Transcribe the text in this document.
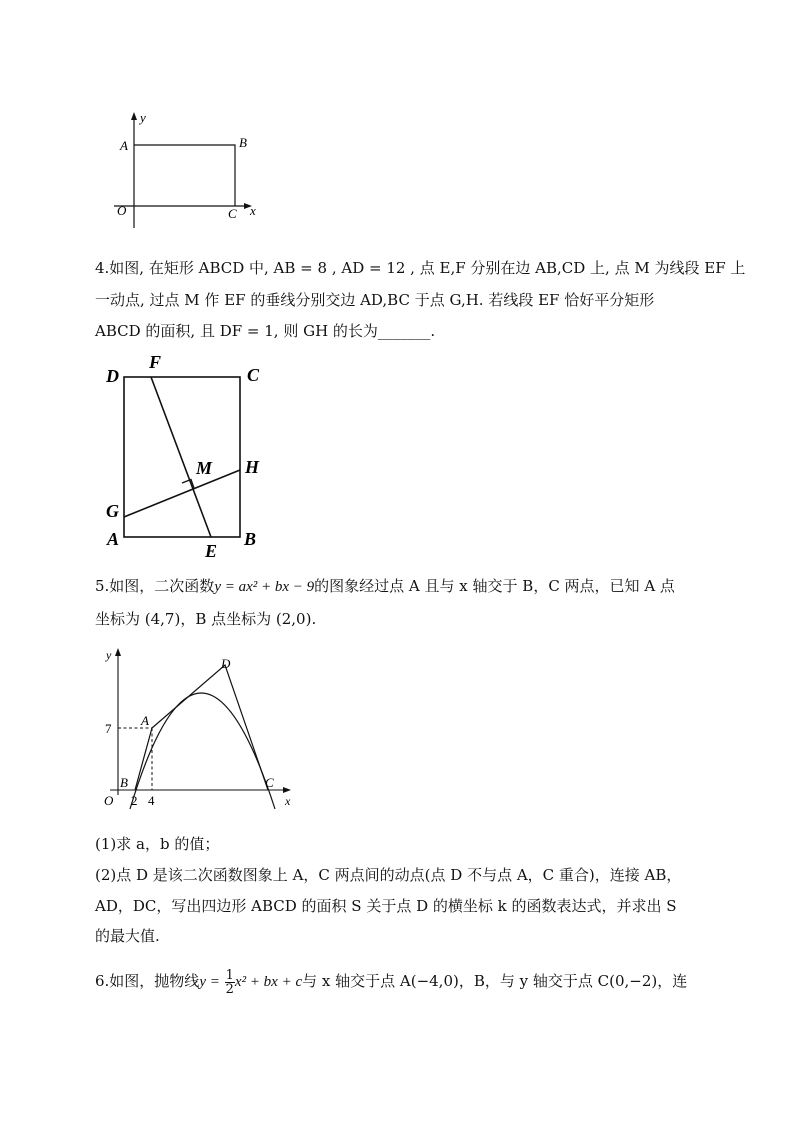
y
A	B
O	C x
4.如图, 在矩形 ABCD 中, AB = 8 , AD = 12 , 点 E,F 分别在边 AB,CD 上, 点 M 为线段 EF 上
一动点, 过点 M 作 EF 的垂线分别交边 AD,BC 于点 G,H. 若线段 EF 恰好平分矩形
ABCD 的面积, 且 DF = 1, 则 GH 的长为_______.
D
F
C
M H
G
A
E
B
5.如图，二次函数y = ax² + bx − 9的图象经过点 A 且与 x 轴交于 B，C 两点，已知 A 点
坐标为 (4,7)，B 点坐标为 (2,0).
y
D
7
A
B	C
O 2 4	x
(1)求 a，b 的值；
(2)点 D 是该二次函数图象上 A，C 两点间的动点(点 D 不与点 A，C 重合)，连接 AB，
AD，DC，写出四边形 ABCD 的面积 S 关于点 D 的横坐标 k 的函数表达式，并求出 S
的最大值.
6.如图，抛物线$y = \frac{1}{2} x^2$ + bx + c与 x 轴交于点 A(−4,0)，B，与 y 轴交于点 C(0,−2)，连
